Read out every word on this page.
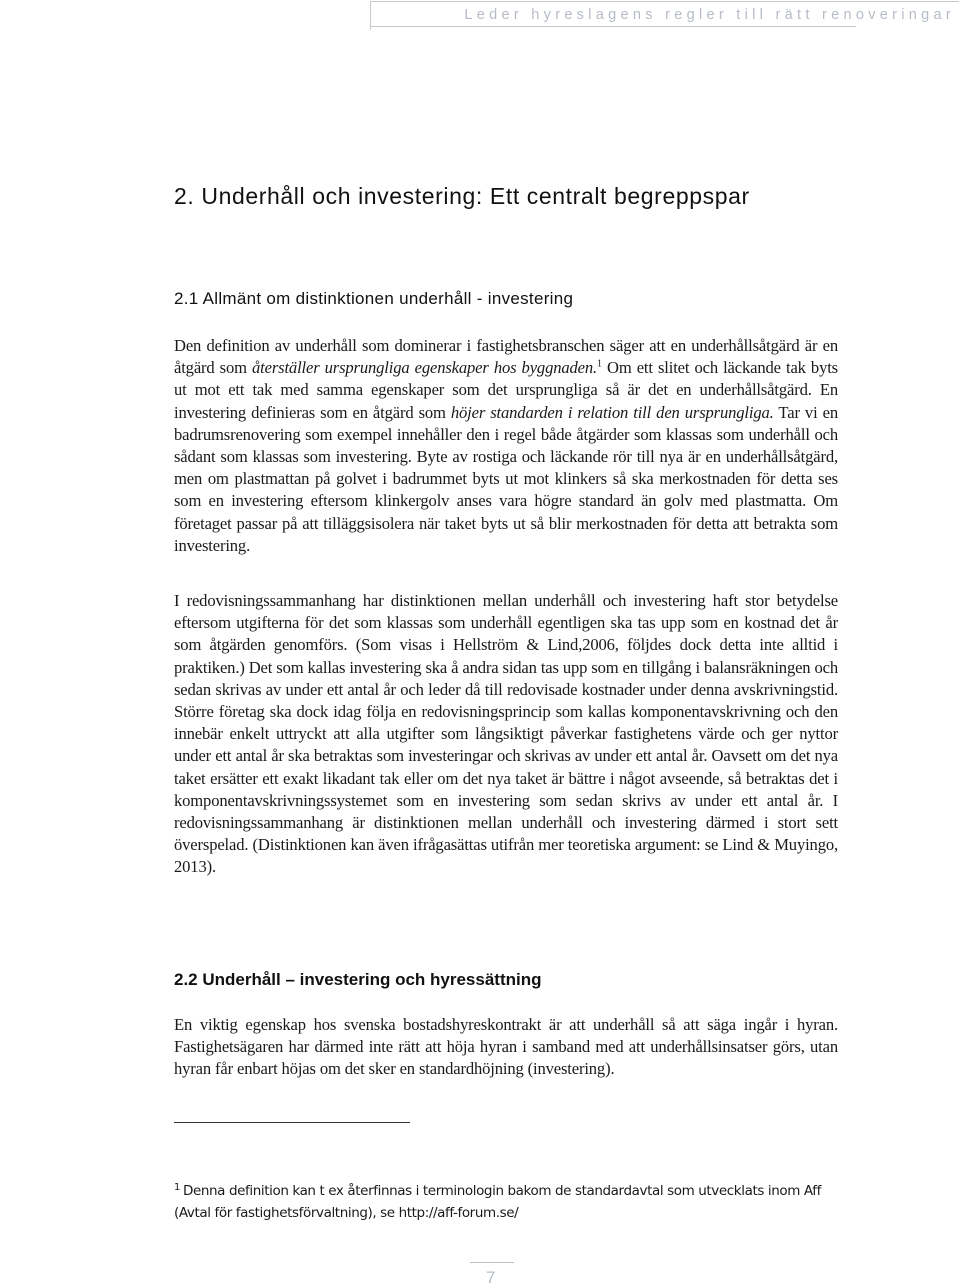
Leder hyreslagens regler till rätt renoveringar
2. Underhåll och investering: Ett centralt begreppspar
2.1 Allmänt om distinktionen underhåll - investering

Den definition av underhåll som dominerar i fastighetsbranschen säger att en underhållsåtgärd är en åtgärd som återställer ursprungliga egenskaper hos byggnaden.$^1$ Om ett slitet och läckande tak byts ut mot ett tak med samma egenskaper som det ursprungliga så är det en underhållsåtgärd. En investering definieras som en åtgärd som höjer standarden i relation till den ursprungliga. Tar vi en badrumsrenovering som exempel innehåller den i regel både åtgärder som klassas som underhåll och sådant som klassas som investering. Byte av rostiga och läckande rör till nya är en underhållsåtgärd, men om plastmattan på golvet i badrummet byts ut mot klinkers så ska merkostnaden för detta ses som en investering eftersom klinkergolv anses vara högre standard än golv med plastmatta. Om företaget passar på att tilläggsisolera när taket byts ut så blir merkostnaden för detta att betrakta som investering.

I redovisningssammanhang har distinktionen mellan underhåll och investering haft stor betydelse eftersom utgifterna för det som klassas som underhåll egentligen ska tas upp som en kostnad det år som åtgärden genomförs. (Som visas i Hellström & Lind,2006, följdes dock detta inte alltid i praktiken.) Det som kallas investering ska å andra sidan tas upp som en tillgång i balansräkningen och sedan skrivas av under ett antal år och leder då till redovisade kostnader under denna avskrivningstid. Större företag ska dock idag följa en redovisningsprincip som kallas komponentavskrivning och den innebär enkelt uttryckt att alla utgifter som långsiktigt påverkar fastighetens värde och ger nyttor under ett antal år ska betraktas som investeringar och skrivas av under ett antal år. Oavsett om det nya taket ersätter ett exakt likadant tak eller om det nya taket är bättre i något avseende, så betraktas det i komponentavskrivningssystemet som en investering som sedan skrivs av under ett antal år. I redovisningssammanhang är distinktionen mellan underhåll och investering därmed i stort sett överspelad. (Distinktionen kan även ifrågasättas utifrån mer teoretiska argument: se Lind & Muyingo, 2013).

2.2 Underhåll – investering och hyressättning

En viktig egenskap hos svenska bostadshyreskontrakt är att underhåll så att säga ingår i hyran. Fastighetsägaren har därmed inte rätt att höja hyran i samband med att underhållsinsatser görs, utan hyran får enbart höjas om det sker en standardhöjning (investering).

$^1$ Denna definition kan t ex återfinnas i terminologin bakom de standardavtal som utvecklats inom Aff (Avtal för fastighetsförvaltning), se http://aff-forum.se/

7
